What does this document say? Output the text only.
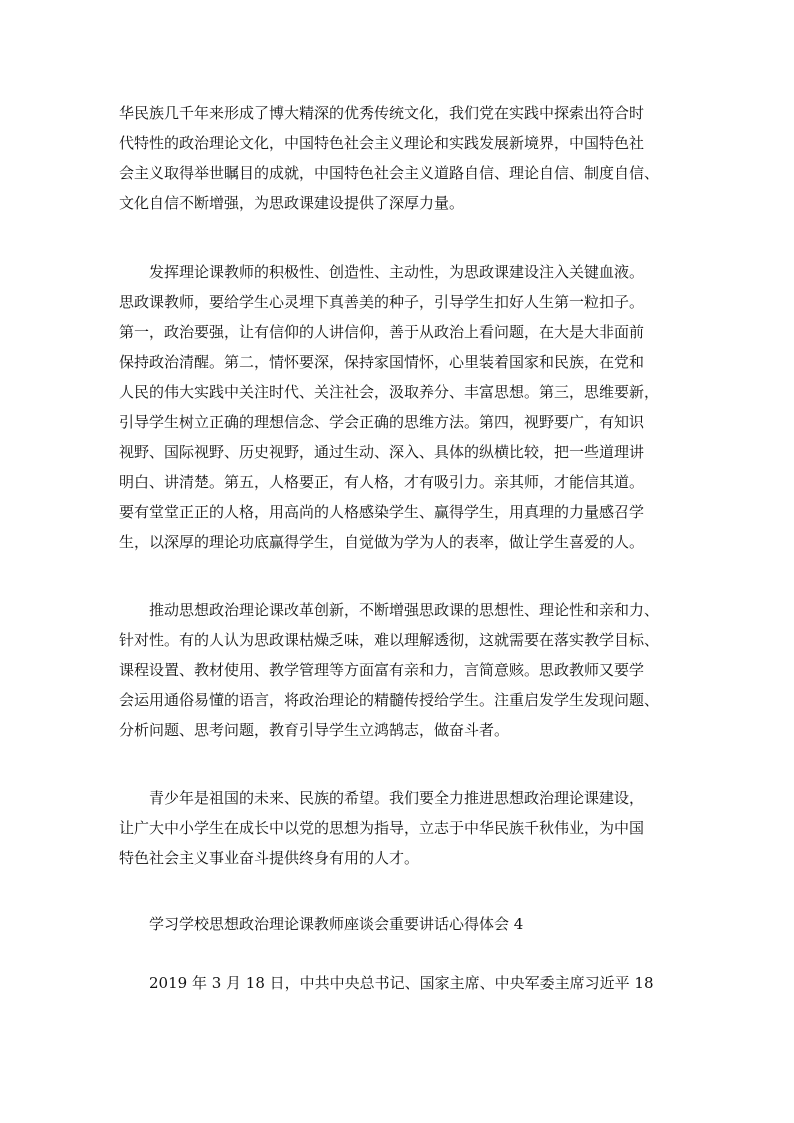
华民族几千年来形成了博大精深的优秀传统文化，我们党在实践中探索出符合时
代特性的政治理论文化，中国特色社会主义理论和实践发展新境界，中国特色社
会主义取得举世瞩目的成就，中国特色社会主义道路自信、理论自信、制度自信、
文化自信不断增强，为思政课建设提供了深厚力量。
发挥理论课教师的积极性、创造性、主动性，为思政课建设注入关键血液。
思政课教师，要给学生心灵埋下真善美的种子，引导学生扣好人生第一粒扣子。
第一，政治要强，让有信仰的人讲信仰，善于从政治上看问题，在大是大非面前
保持政治清醒。第二，情怀要深，保持家国情怀，心里装着国家和民族，在党和
人民的伟大实践中关注时代、关注社会，汲取养分、丰富思想。第三，思维要新，
引导学生树立正确的理想信念、学会正确的思维方法。第四，视野要广，有知识
视野、国际视野、历史视野，通过生动、深入、具体的纵横比较，把一些道理讲
明白、讲清楚。第五，人格要正，有人格，才有吸引力。亲其师，才能信其道。
要有堂堂正正的人格，用高尚的人格感染学生、赢得学生，用真理的力量感召学
生，以深厚的理论功底赢得学生，自觉做为学为人的表率，做让学生喜爱的人。
推动思想政治理论课改革创新，不断增强思政课的思想性、理论性和亲和力、
针对性。有的人认为思政课枯燥乏味，难以理解透彻，这就需要在落实教学目标、
课程设置、教材使用、教学管理等方面富有亲和力，言简意赅。思政教师又要学
会运用通俗易懂的语言，将政治理论的精髓传授给学生。注重启发学生发现问题、
分析问题、思考问题，教育引导学生立鸿鹄志，做奋斗者。
青少年是祖国的未来、民族的希望。我们要全力推进思想政治理论课建设，
让广大中小学生在成长中以党的思想为指导，立志于中华民族千秋伟业，为中国
特色社会主义事业奋斗提供终身有用的人才。
学习学校思想政治理论课教师座谈会重要讲话心得体会 4
2019 年 3 月 18 日，中共中央总书记、国家主席、中央军委主席习近平 18
